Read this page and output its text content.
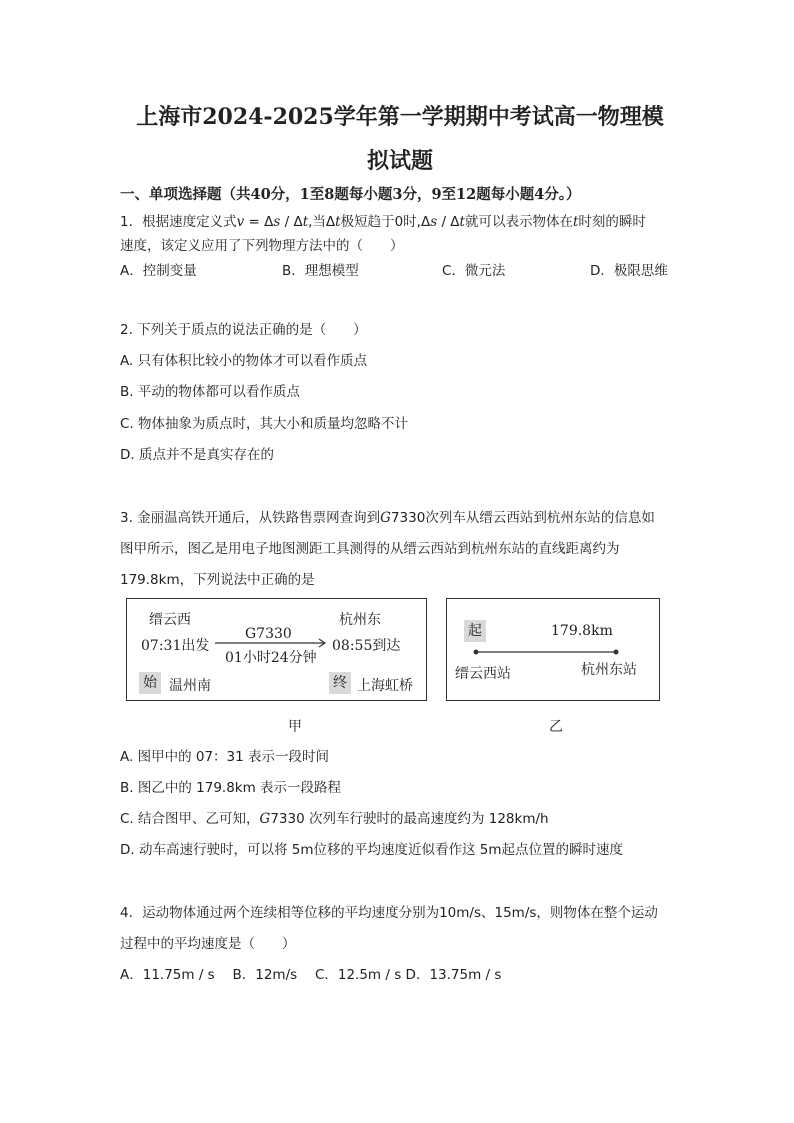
上海市2024-2025学年第一学期期中考试高一物理模
拟试题
一、单项选择题（共40分，1至8题每小题3分，9至12题每小题4分。）
1．根据速度定义式v = Δs / Δt,当Δt极短趋于0时,Δs / Δt就可以表示物体在t时刻的瞬时
速度，该定义应用了下列物理方法中的（　　）
A．控制变量	B．理想模型	C．微元法	D．极限思维
2. 下列关于质点的说法正确的是（　　）
A. 只有体积比较小的物体才可以看作质点
B. 平动的物体都可以看作质点
C. 物体抽象为质点时，其大小和质量均忽略不计
D. 质点并不是真实存在的
3. 金丽温高铁开通后，从铁路售票网查询到G7330次列车从缙云西站到杭州东站的信息如
图甲所示，图乙是用电子地图测距工具测得的从缙云西站到杭州东站的直线距离约为
179.8km，下列说法中正确的是
缙云西
07:31出发
G7330
01小时24分钟
杭州东
08:55到达
始 温州南	终 上海虹桥
甲
起	179.8km
缙云西站	杭州东站
乙
A. 图甲中的 07：31 表示一段时间
B. 图乙中的 179.8km 表示一段路程
C. 结合图甲、乙可知，G7330 次列车行驶时的最高速度约为 128km/h
D. 动车高速行驶时，可以将 5m位移的平均速度近似看作这 5m起点位置的瞬时速度
4．运动物体通过两个连续相等位移的平均速度分别为10m/s、15m/s，则物体在整个运动
过程中的平均速度是（　　）
A．11.75m / s　 B．12m/s　 C．12.5m / s D．13.75m / s
